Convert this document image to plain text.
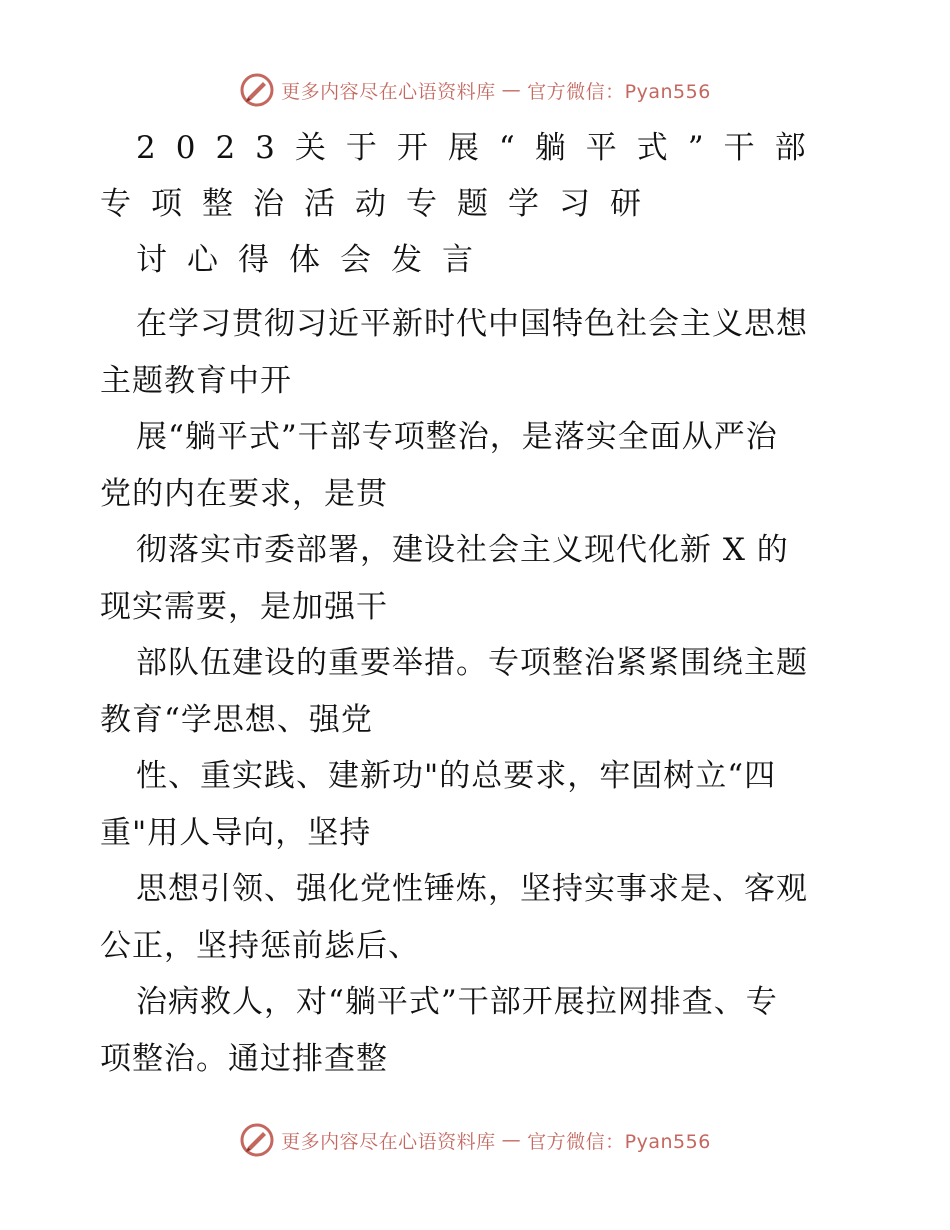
更多内容尽在心语资料库 — 官方微信：Pyan556
2023关于开展“躺平式”干部
专项整治活动专题学习研
讨心得体会发言
在学习贯彻习近平新时代中国特色社会主义思想
主题教育中开
展“躺平式”干部专项整治，是落实全面从严治
党的内在要求，是贯
彻落实市委部署，建设社会主义现代化新 X 的
现实需要，是加强干
部队伍建设的重要举措。专项整治紧紧围绕主题
教育“学思想、强党
性、重实践、建新功"的总要求，牢固树立“四
重"用人导向，坚持
思想引领、强化党性锤炼，坚持实事求是、客观
公正，坚持惩前毖后、
治病救人，对“躺平式”干部开展拉网排查、专
项整治。通过排查整
更多内容尽在心语资料库 — 官方微信：Pyan556
